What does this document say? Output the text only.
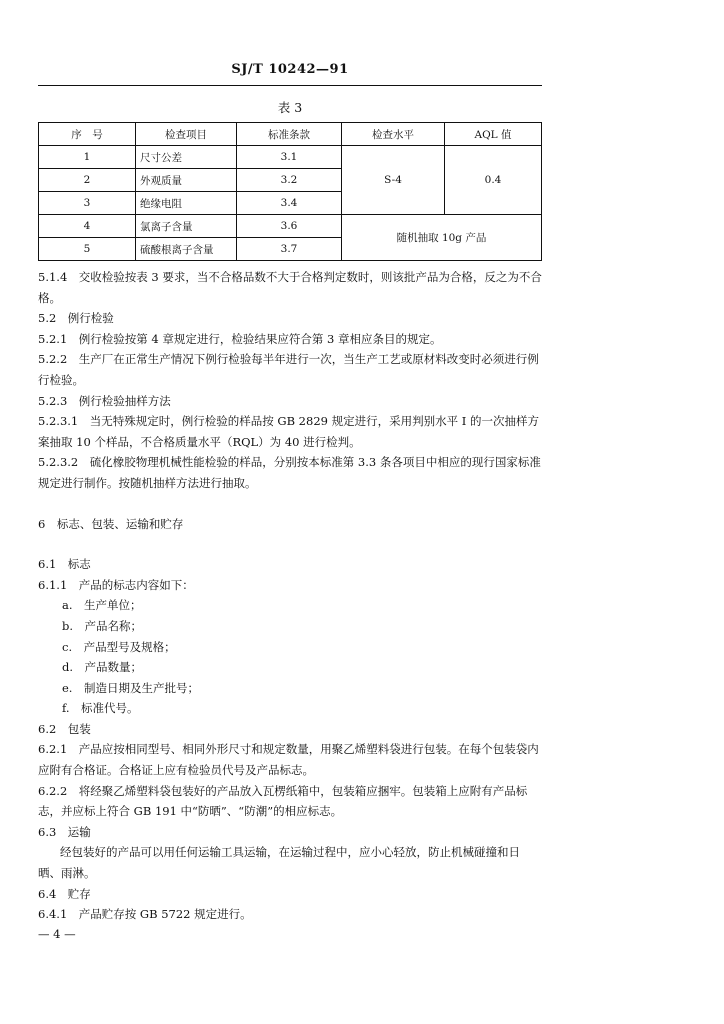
SJ/T 10242—91
表 3
序　号	检查项目	标准条款	检查水平	AQL 值
1	尺寸公差	3.1	S-4	0.4
2	外观质量	3.2		
3	绝缘电阻	3.4		
4	氯离子含量	3.6	随机抽取 10g 产品	
5	硫酸根离子含量	3.7		

5.1.4　交收检验按表 3 要求，当不合格品数不大于合格判定数时，则该批产品为合格，反之为不合格。

5.2　例行检验

5.2.1　例行检验按第 4 章规定进行，检验结果应符合第 3 章相应条目的规定。

5.2.2　生产厂在正常生产情况下例行检验每半年进行一次，当生产工艺或原材料改变时必须进行例行检验。

5.2.3　例行检验抽样方法

5.2.3.1　当无特殊规定时，例行检验的样品按 GB 2829 规定进行，采用判别水平 Ⅰ 的一次抽样方案抽取 10 个样品，不合格质量水平（RQL）为 40 进行检判。

5.2.3.2　硫化橡胶物理机械性能检验的样品，分别按本标准第 3.3 条各项目中相应的现行国家标准规定进行制作。按随机抽样方法进行抽取。

6　标志、包装、运输和贮存

6.1　标志

6.1.1　产品的标志内容如下：

a.　生产单位；

b.　产品名称；

c.　产品型号及规格；

d.　产品数量；

e.　制造日期及生产批号；

f.　标准代号。

6.2　包装

6.2.1　产品应按相同型号、相同外形尺寸和规定数量，用聚乙烯塑料袋进行包装。在每个包装袋内应附有合格证。合格证上应有检验员代号及产品标志。

6.2.2　将经聚乙烯塑料袋包装好的产品放入瓦楞纸箱中，包装箱应捆牢。包装箱上应附有产品标志，并应标上符合 GB 191 中“防晒”、“防潮”的相应标志。

6.3　运输

经包装好的产品可以用任何运输工具运输，在运输过程中，应小心轻放，防止机械碰撞和日晒、雨淋。

6.4　贮存

6.4.1　产品贮存按 GB 5722 规定进行。

— 4 —
